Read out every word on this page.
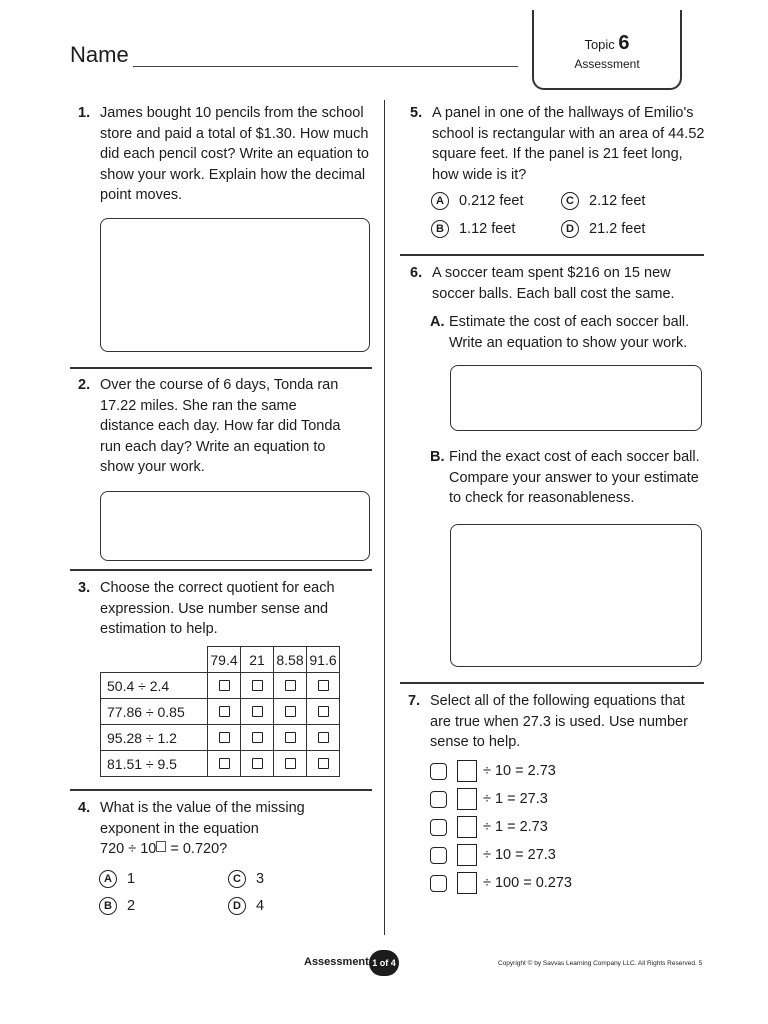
Name	Topic 6
Assessment
1. James bought 10 pencils from the school store and paid a total of $1.30. How much did each pencil cost? Write an equation to show your work. Explain how the decimal point moves.
2. Over the course of 6 days, Tonda ran 17.22 miles. She ran the same distance each day. How far did Tonda run each day? Write an equation to show your work.
3. Choose the correct quotient for each expression. Use number sense and estimation to help.
	79.4	21	8.58	91.6
50.4 ÷ 2.4				
77.86 ÷ 0.85				
95.28 ÷ 1.2				
81.51 ÷ 9.5				
4. What is the value of the missing exponent in the equation
720 ÷ 10 = 0.720?
A 1	C 3
B 2	D 4
5. A panel in one of the hallways of Emilio's school is rectangular with an area of 44.52 square feet. If the panel is 21 feet long, how wide is it?
A 0.212 feet	C 2.12 feet
B 1.12 feet	D 21.2 feet
6. A soccer team spent $216 on 15 new soccer balls. Each ball cost the same.
A. Estimate the cost of each soccer ball. Write an equation to show your work.
B. Find the exact cost of each soccer ball. Compare your answer to your estimate to check for reasonableness.
7. Select all of the following equations that are true when 27.3 is used. Use number sense to help.
÷ 10 = 2.73
÷ 1 = 27.3
÷ 1 = 2.73
÷ 10 = 27.3
÷ 100 = 0.273
Assessment 1 of 4	Copyright © by Savvas Learning Company LLC. All Rights Reserved. 5
